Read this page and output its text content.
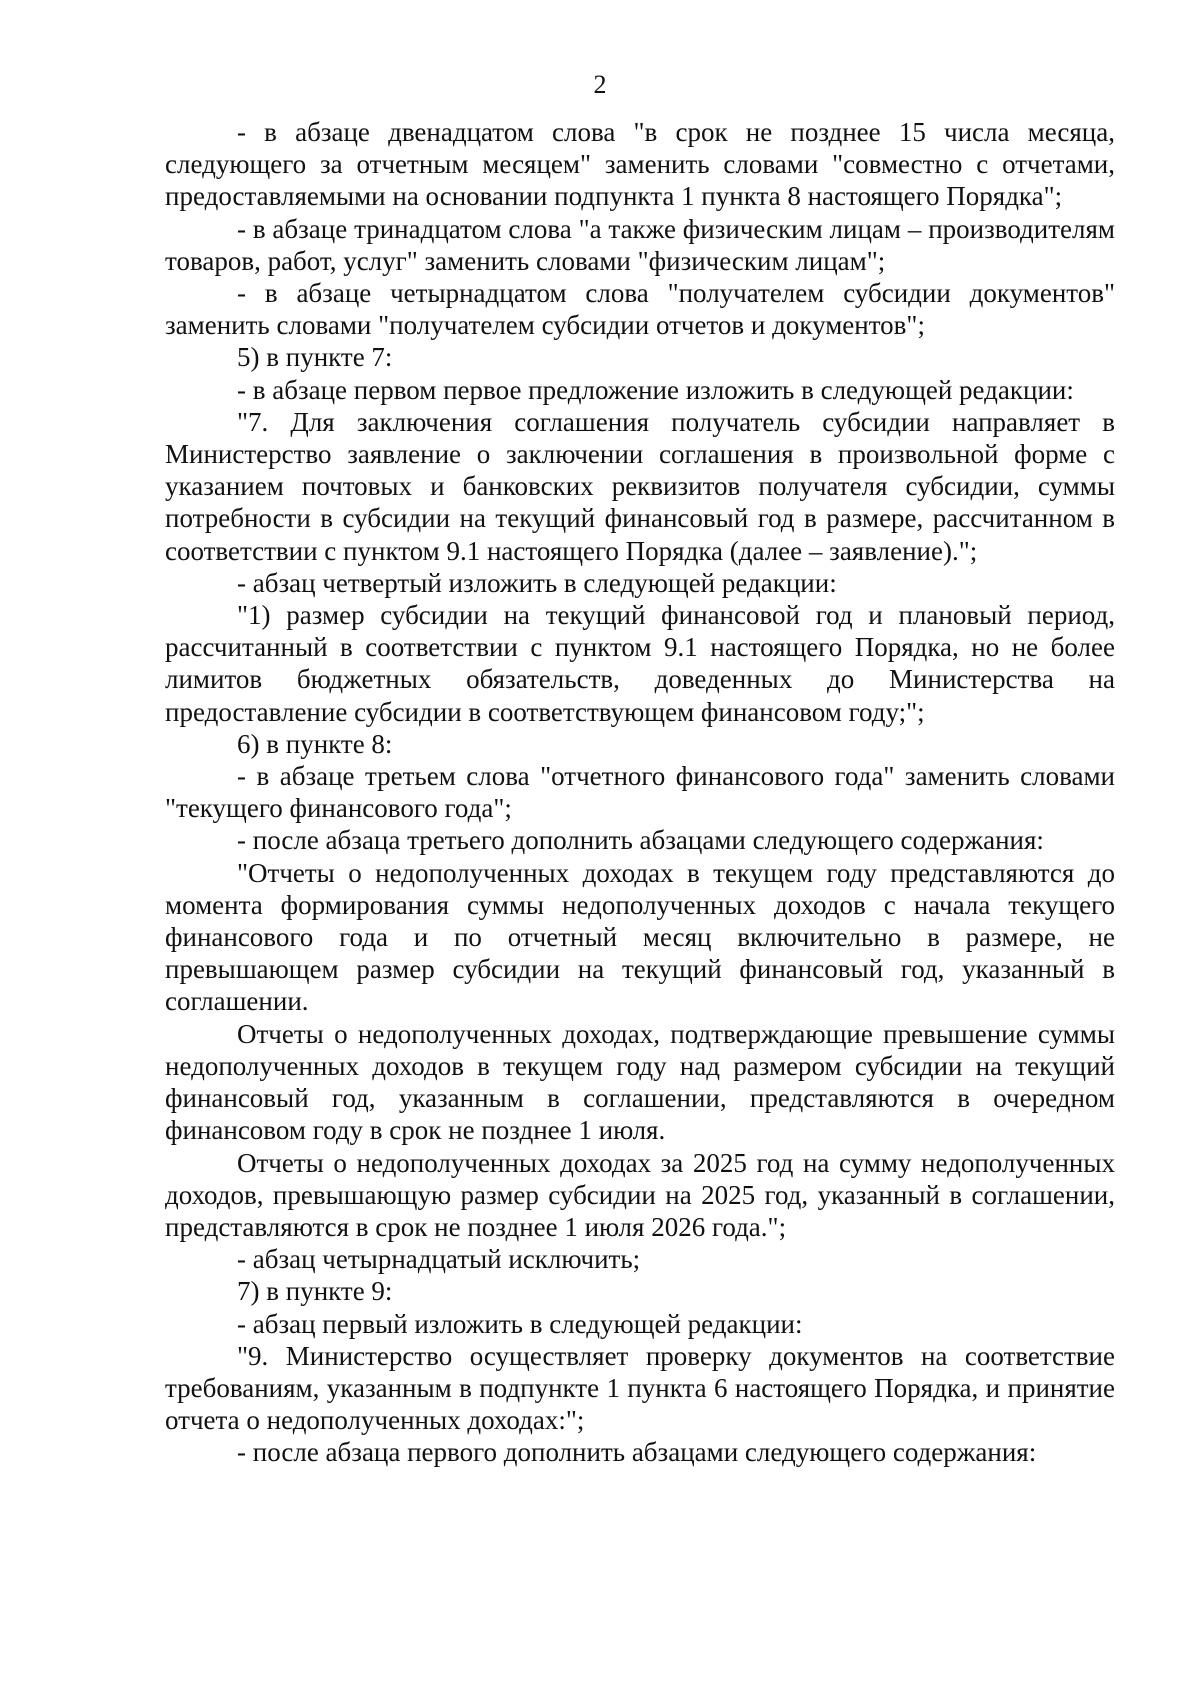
2

- в абзаце двенадцатом слова "в срок не позднее 15 числа месяца, следующего за отчетным месяцем" заменить словами "совместно с отчетами, предоставляемыми на основании подпункта 1 пункта 8 настоящего Порядка";

- в абзаце тринадцатом слова "а также физическим лицам – производителям товаров, работ, услуг" заменить словами "физическим лицам";

- в абзаце четырнадцатом слова "получателем субсидии документов" заменить словами "получателем субсидии отчетов и документов";

5) в пункте 7:

- в абзаце первом первое предложение изложить в следующей редакции:

"7. Для заключения соглашения получатель субсидии направляет в Министерство заявление о заключении соглашения в произвольной форме с указанием почтовых и банковских реквизитов получателя субсидии, суммы потребности в субсидии на текущий финансовый год в размере, рассчитанном в соответствии с пунктом 9.1 настоящего Порядка (далее – заявление).";

- абзац четвертый изложить в следующей редакции:

"1) размер субсидии на текущий финансовой год и плановый период, рассчитанный в соответствии с пунктом 9.1 настоящего Порядка, но не более лимитов бюджетных обязательств, доведенных до Министерства на предоставление субсидии в соответствующем финансовом году;";

6) в пункте 8:

- в абзаце третьем слова "отчетного финансового года" заменить словами "текущего финансового года";

- после абзаца третьего дополнить абзацами следующего содержания:

"Отчеты о недополученных доходах в текущем году представляются до момента формирования суммы недополученных доходов с начала текущего финансового года и по отчетный месяц включительно в размере, не превышающем размер субсидии на текущий финансовый год, указанный в соглашении.

Отчеты о недополученных доходах, подтверждающие превышение суммы недополученных доходов в текущем году над размером субсидии на текущий финансовый год, указанным в соглашении, представляются в очередном финансовом году в срок не позднее 1 июля.

Отчеты о недополученных доходах за 2025 год на сумму недополученных доходов, превышающую размер субсидии на 2025 год, указанный в соглашении, представляются в срок не позднее 1 июля 2026 года.";

- абзац четырнадцатый исключить;

7) в пункте 9:

- абзац первый изложить в следующей редакции:

"9. Министерство осуществляет проверку документов на соответствие требованиям, указанным в подпункте 1 пункта 6 настоящего Порядка, и принятие отчета о недополученных доходах:";

- после абзаца первого дополнить абзацами следующего содержания:
